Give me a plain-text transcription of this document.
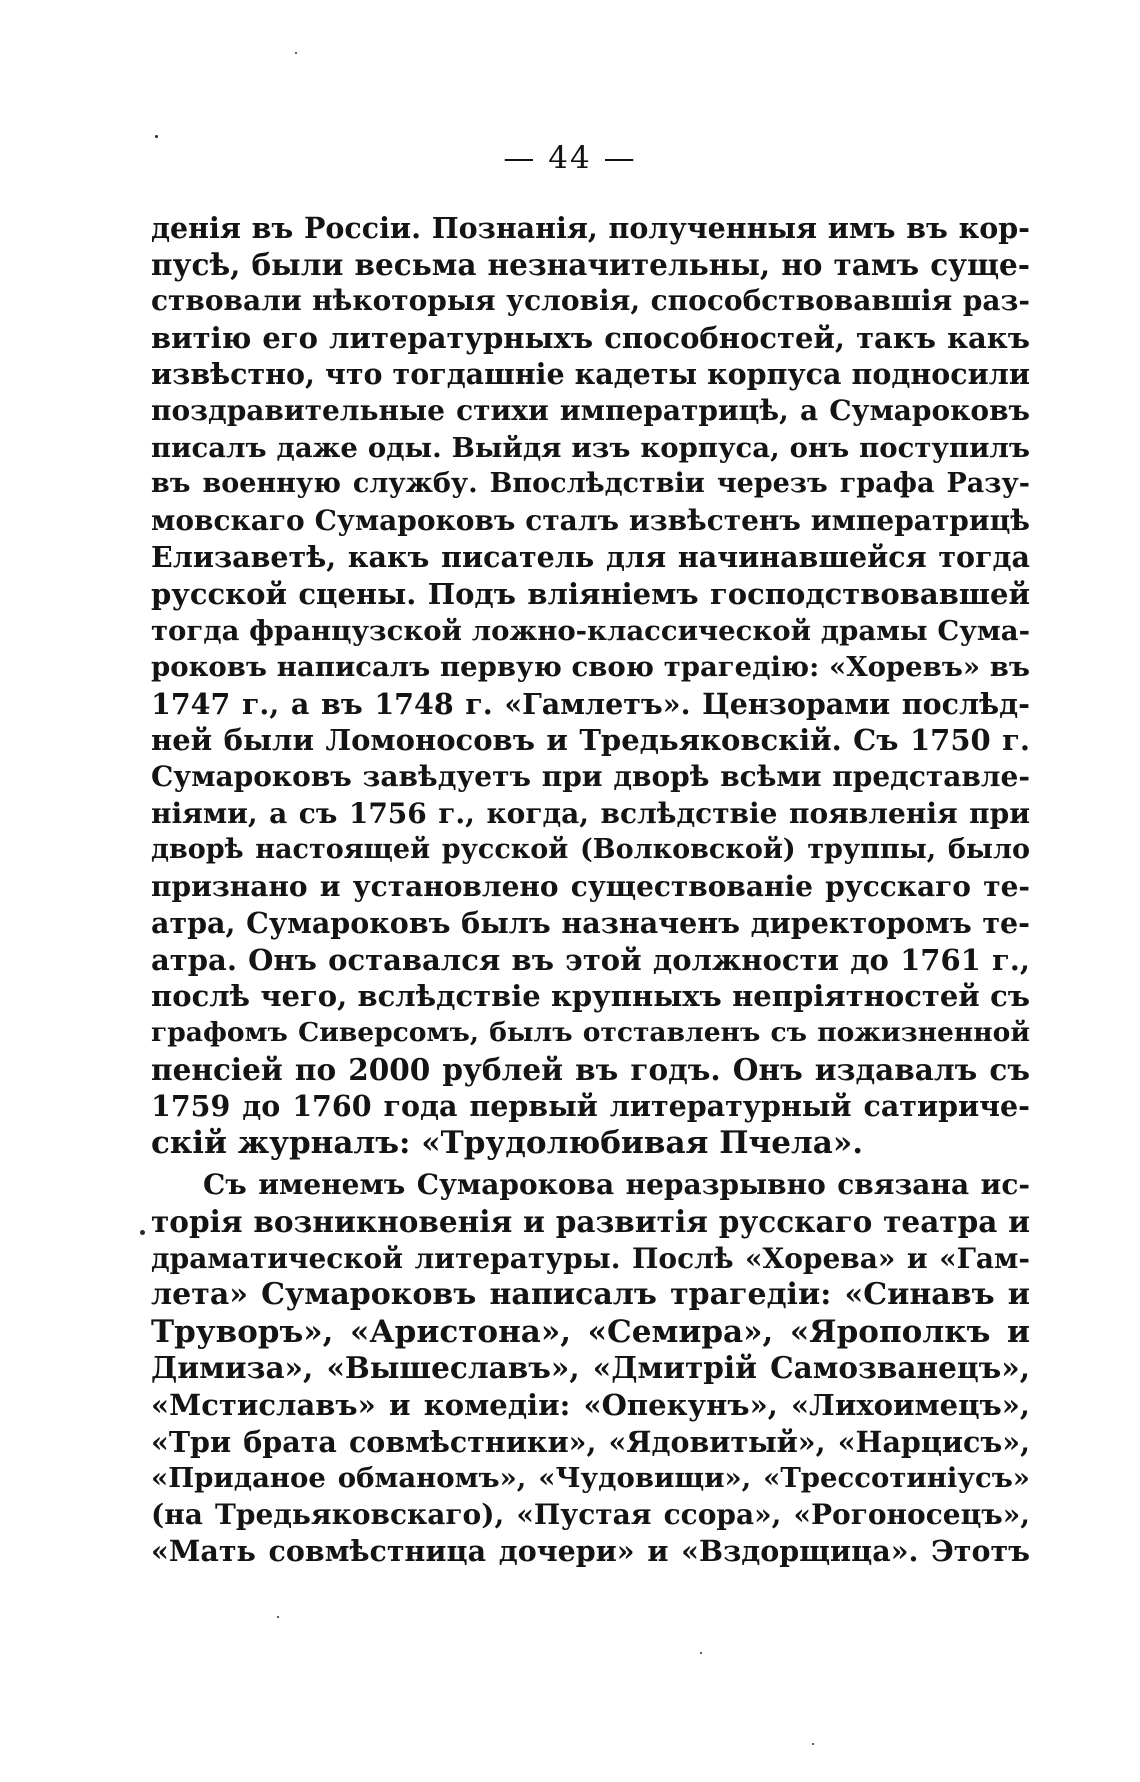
— 44 —
денія въ Россіи. Познанія, полученныя имъ въ кор-
пусѣ, были весьма незначительны, но тамъ суще-
ствовали нѣкоторыя условія, способствовавшія раз-
витію его литературныхъ способностей, такъ какъ
извѣстно, что тогдашніе кадеты корпуса подносили
поздравительные стихи императрицѣ, а Сумароковъ
писалъ даже оды. Выйдя изъ корпуса, онъ поступилъ
въ военную службу. Впослѣдствіи черезъ графа Разу-
мовскаго Сумароковъ сталъ извѣстенъ императрицѣ
Елизаветѣ, какъ писатель для начинавшейся тогда
русской сцены. Подъ вліяніемъ господствовавшей
тогда французской ложно-классической драмы Сума-
роковъ написалъ первую свою трагедію: «Хоревъ» въ
1747 г., а въ 1748 г. «Гамлетъ». Цензорами послѣд-
ней были Ломоносовъ и Тредьяковскій. Съ 1750 г.
Сумароковъ завѣдуетъ при дворѣ всѣми представле-
ніями, а съ 1756 г., когда, вслѣдствіе появленія при
дворѣ настоящей русской (Волковской) труппы, было
признано и установлено существованіе русскаго те-
атра, Сумароковъ былъ назначенъ директоромъ те-
атра. Онъ оставался въ этой должности до 1761 г.,
послѣ чего, вслѣдствіе крупныхъ непріятностей съ
графомъ Сиверсомъ, былъ отставленъ съ пожизненной
пенсіей по 2000 рублей въ годъ. Онъ издавалъ съ
1759 до 1760 года первый литературный сатириче-
скій журналъ: «Трудолюбивая Пчела».
Съ именемъ Сумарокова неразрывно связана ис-
торія возникновенія и развитія русскаго театра и
драматической литературы. Послѣ «Хорева» и «Гам-
лета» Сумароковъ написалъ трагедіи: «Синавъ и
Труворъ», «Аристона», «Семира», «Ярополкъ и
Димиза», «Вышеславъ», «Дмитрій Самозванецъ»,
«Мстиславъ» и комедіи: «Опекунъ», «Лихоимецъ»,
«Три брата совмѣстники», «Ядовитый», «Нарцисъ»,
«Приданое обманомъ», «Чудовищи», «Трессотиніусъ»
(на Тредьяковскаго), «Пустая ссора», «Рогоносецъ»,
«Мать совмѣстница дочери» и «Вздорщица». Этотъ
